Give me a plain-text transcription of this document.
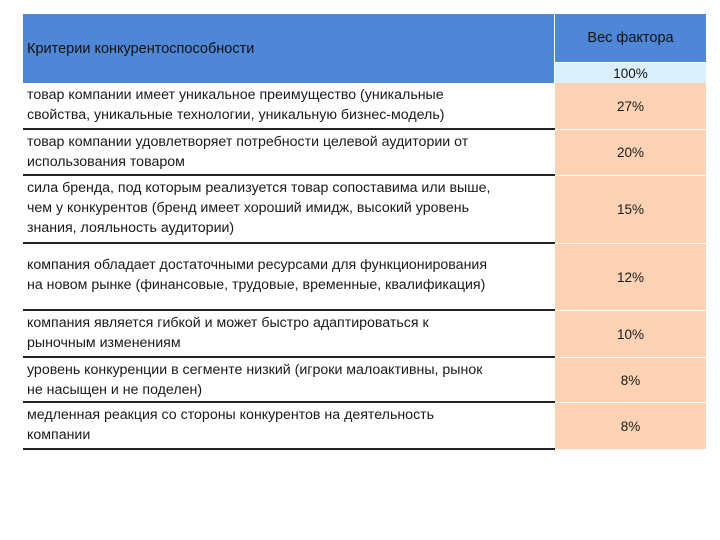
Критерии конкурентоспособности
Вес фактора
100%
товар компании имеет уникальное преимущество (уникальные
свойства, уникальные технологии, уникальную бизнес-модель)
27%
товар компании удовлетворяет потребности целевой аудитории от
использования товаром
20%
сила бренда, под которым реализуется товар сопоставима или выше,
чем у конкурентов (бренд имеет хороший имидж, высокий уровень
знания, лояльность аудитории)
15%
компания обладает достаточными ресурсами для функционирования
на новом рынке (финансовые, трудовые, временные, квалификация)	12%
компания является гибкой и может быстро адаптироваться к
рыночным изменениям
10%
уровень конкуренции в сегменте низкий (игроки малоактивны, рынок
не насыщен и не поделен)
8%
медленная реакция со стороны конкурентов на деятельность
компании
8%
